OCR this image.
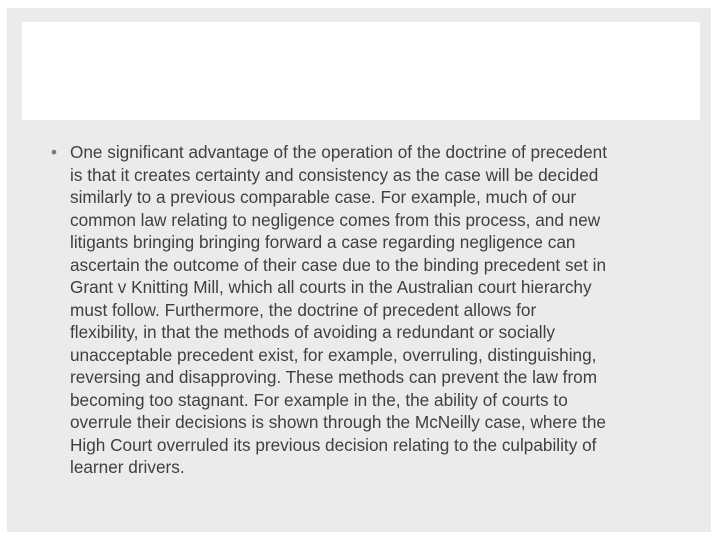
• One significant advantage of the operation of the doctrine of precedent
is that it creates certainty and consistency as the case will be decided
similarly to a previous comparable case. For example, much of our
common law relating to negligence comes from this process, and new
litigants bringing bringing forward a case regarding negligence can
ascertain the outcome of their case due to the binding precedent set in
Grant v Knitting Mill, which all courts in the Australian court hierarchy
must follow. Furthermore, the doctrine of precedent allows for
flexibility, in that the methods of avoiding a redundant or socially
unacceptable precedent exist, for example, overruling, distinguishing,
reversing and disapproving. These methods can prevent the law from
becoming too stagnant. For example in the, the ability of courts to
overrule their decisions is shown through the McNeilly case, where the
High Court overruled its previous decision relating to the culpability of
learner drivers.
